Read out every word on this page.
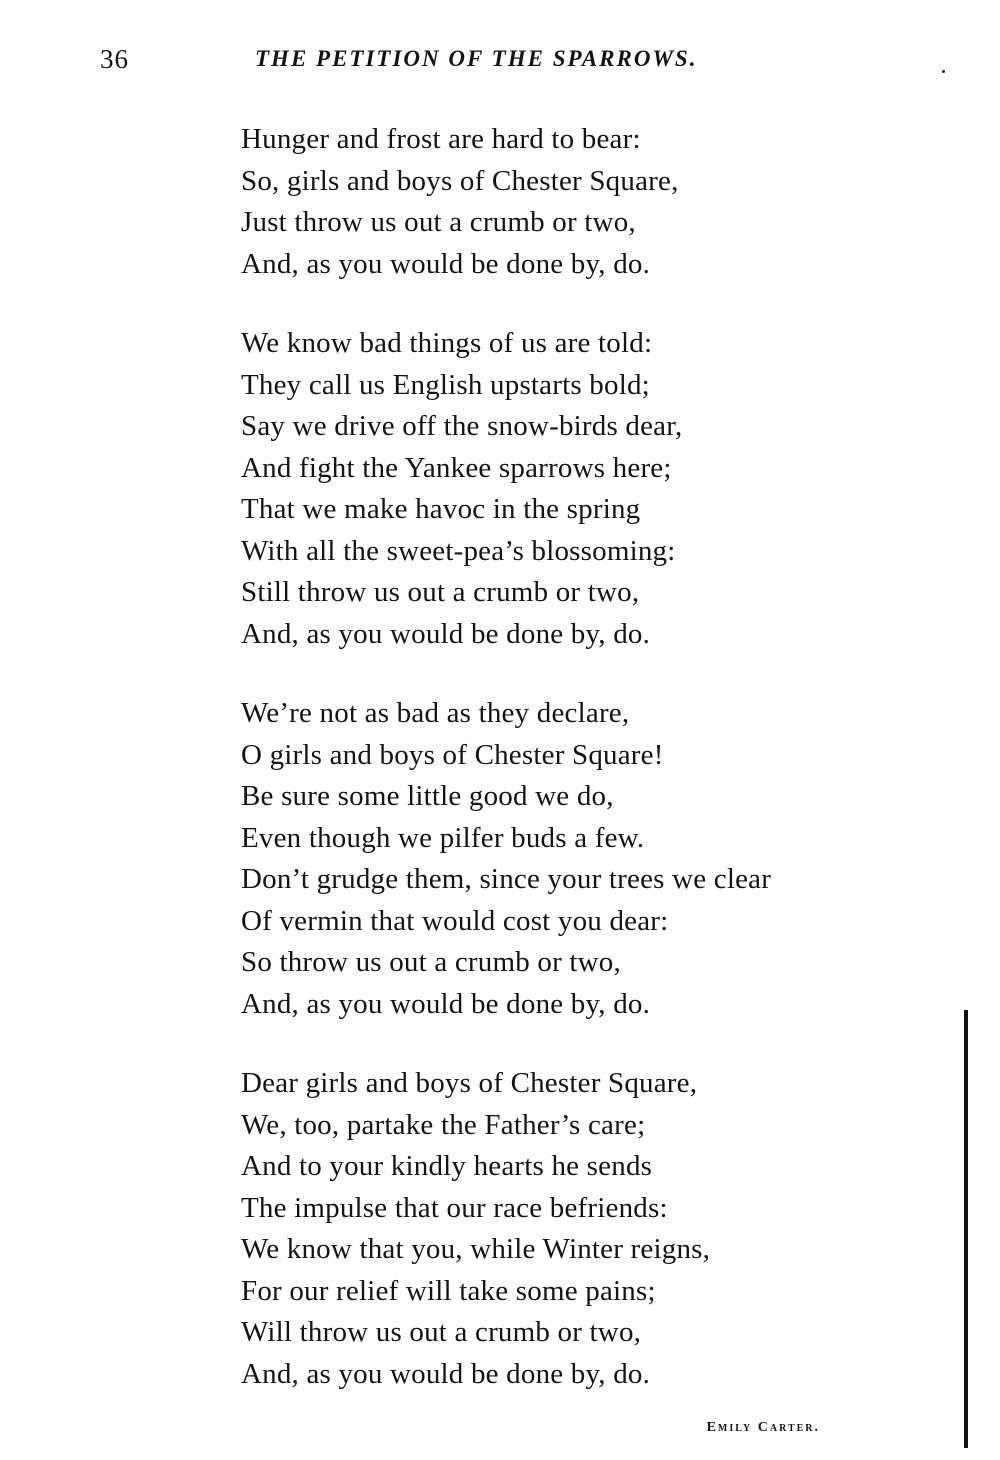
36	THE PETITION OF THE SPARROWS.
Hunger and frost are hard to bear:
So, girls and boys of Chester Square,
Just throw us out a crumb or two,
And, as you would be done by, do.
We know bad things of us are told:
They call us English upstarts bold;
Say we drive off the snow-birds dear,
And fight the Yankee sparrows here;
That we make havoc in the spring
With all the sweet-pea’s blossoming:
Still throw us out a crumb or two,
And, as you would be done by, do.
We’re not as bad as they declare,
O girls and boys of Chester Square!
Be sure some little good we do,
Even though we pilfer buds a few.
Don’t grudge them, since your trees we clear
Of vermin that would cost you dear:
So throw us out a crumb or two,
And, as you would be done by, do.
Dear girls and boys of Chester Square,
We, too, partake the Father’s care;
And to your kindly hearts he sends
The impulse that our race befriends:
We know that you, while Winter reigns,
For our relief will take some pains;
Will throw us out a crumb or two,
And, as you would be done by, do.
Emily Carter.
